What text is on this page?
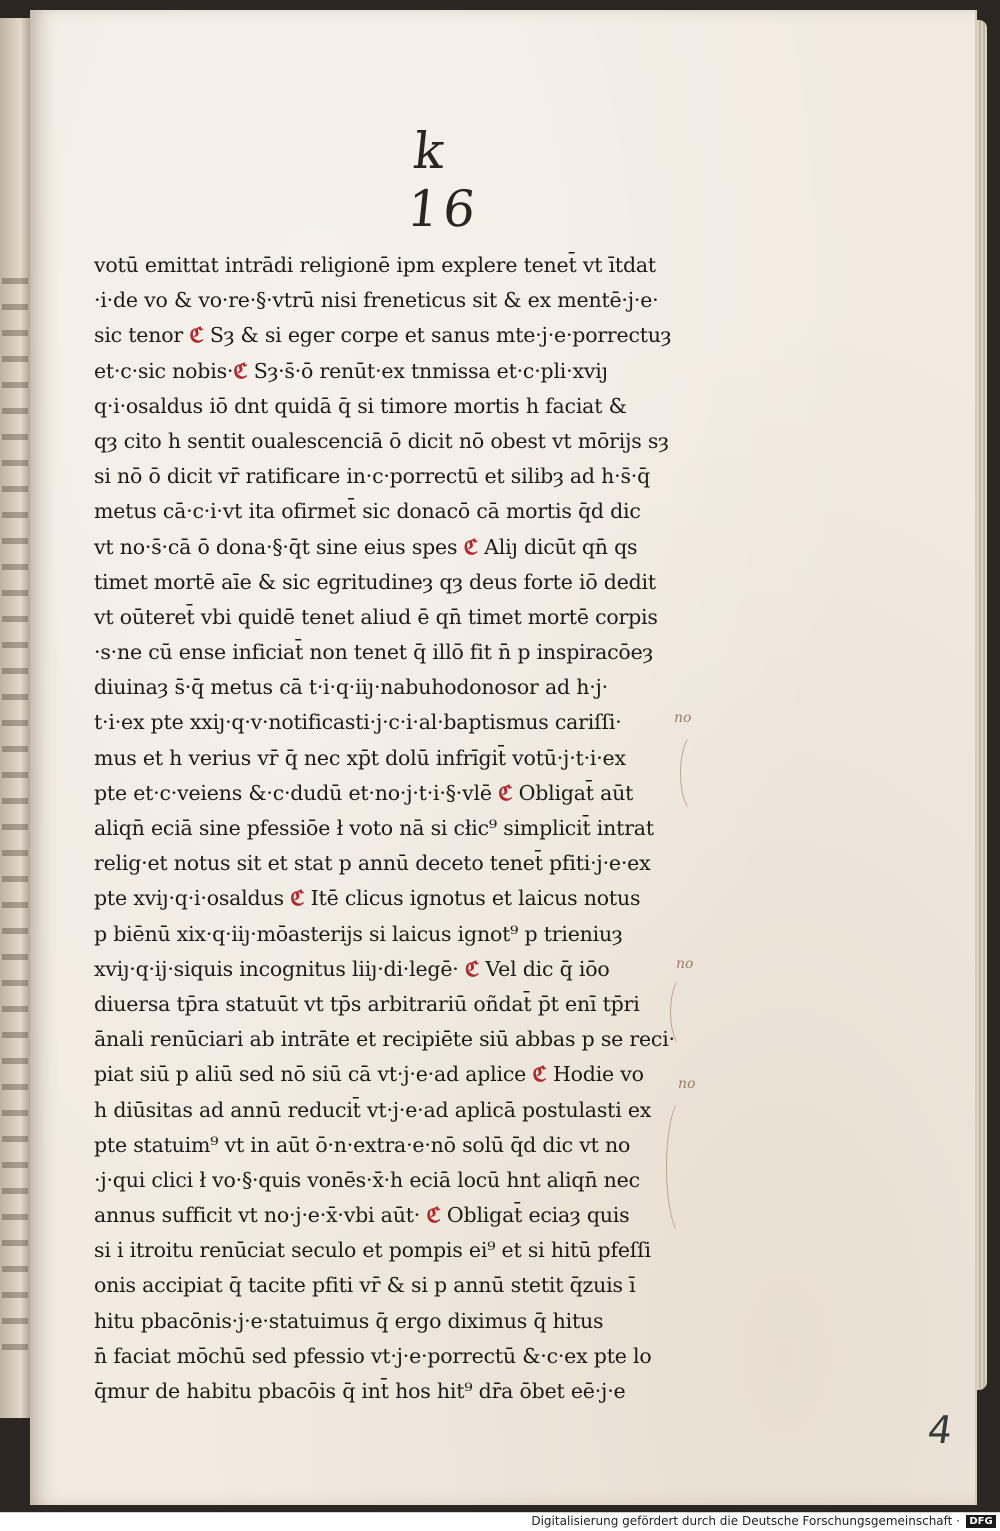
k 16
votū emittat intrādi religionē ipm explere tenet̄ vt ītdat
·i·de vo & vo·re·§·vtrū nisi freneticus sit & ex mentē·j·e·
sic tenor ℭ Sȝ & si eger corpe et sanus mte·j·e·porrectuȝ
et·c·sic nobis·ℭ Sȝ·s̄·ō renūt·ex tnmissa et·c·pli·xviȷ
q·i·osaldus iō dnt quidā q̄ si timore mortis h faciat &
qȝ cito h sentit oualescenciā ō dicit nō obest vt mōrijs sȝ
si nō ō dicit vr̄ ratificare in·c·porrectū et silibȝ ad h·s̄·q̄
metus cā·c·i·vt ita ofirmet̄ sic donacō cā mortis q̄d dic
vt no·s̄·cā ō dona·§·q̄t sine eius spes ℭ Aliȷ dicūt qn̄ qs
timet mortē aīe & sic egritudineȝ qȝ deus forte iō dedit
vt oūteret̄ vbi quidē tenet aliud ē qn̄ timet mortē corpis
·s·ne cū ense inficiat̄ non tenet q̄ illō fit n̄ p inspiracōeȝ
diuinaȝ s̄·q̄ metus cā t·i·q·iiȷ·nabuhodonosor ad h·j·
t·i·ex pte xxiȷ·q·v·notificasti·j·c·i·al·baptismus cariſſi·
mus et h verius vr̄ q̄ nec xp̄t dolū infrīgit̄ votū·j·t·i·ex
pte et·c·veiens &·c·dudū et·no·j·t·i·§·vlē ℭ Obligat̄ aūt
aliqn̄ eciā sine pfessiōe ł voto nā si cłic⁹ simplicit̄ intrat
relig·et notus sit et stat p annū deceto tenet̄ pfiti·j·e·ex
pte xviȷ·q·i·osaldus ℭ Itē clicus ignotus et laicus notus
p biēnū xix·q·iiȷ·mōasterijs si laicus ignot⁹ p trieniuȝ
xviȷ·q·ij·siquis incognitus liiȷ·di·legē· ℭ Vel dic q̄ iōo
diuersa tp̄ra statuūt vt tp̄s arbitrariū oñdat̄ p̄t enī tp̄ri
ānali renūciari ab intrāte et recipiēte siū abbas p se reci·
piat siū p aliū sed nō siū cā vt·j·e·ad aplice ℭ Hodie vo
h diūsitas ad annū reducit̄ vt·j·e·ad aplicā postulasti ex
pte statuim⁹ vt in aūt ō·n·extra·e·nō solū q̄d dic vt no
·j·qui clici ł vo·§·quis vonēs·x̄·h eciā locū hnt aliqn̄ nec
annus sufficit vt no·j·e·x̄·vbi aūt· ℭ Obligat̄ eciaȝ quis
si i itroitu renūciat seculo et pompis ei⁹ et si hitū pfeſſi
onis accipiat q̄ tacite pfiti vr̄ & si p annū stetit q̄zuis ī
hitu pbacōnis·j·e·statuimus q̄ ergo diximus q̄ hitus
n̄ faciat mōchū sed pfessio vt·j·e·porrectū &·c·ex pte lo
q̄mur de habitu pbacōis q̄ int̄ hos hit⁹ dr̄a ōbet eē·j·e
no
no
no
4
Digitalisierung gefördert durch die Deutsche Forschungsgemeinschaft · DFG
